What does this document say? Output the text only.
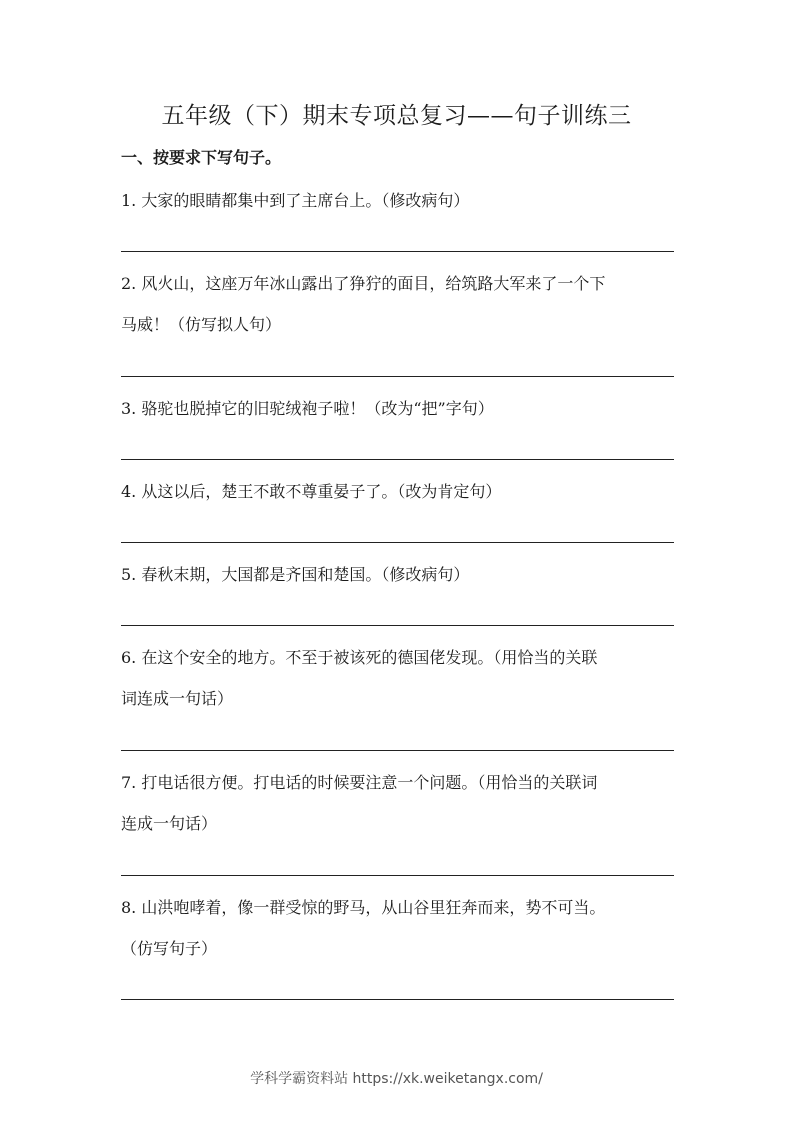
五年级（下）期末专项总复习——句子训练三
一、按要求下写句子。
1. 大家的眼睛都集中到了主席台上。（修改病句）
2. 风火山，这座万年冰山露出了狰狞的面目，给筑路大军来了一个下
马威！（仿写拟人句）
3. 骆驼也脱掉它的旧驼绒袍子啦！（改为“把”字句）
4. 从这以后，楚王不敢不尊重晏子了。（改为肯定句）
5. 春秋末期，大国都是齐国和楚国。（修改病句）
6. 在这个安全的地方。不至于被该死的德国佬发现。（用恰当的关联
词连成一句话）
7. 打电话很方便。打电话的时候要注意一个问题。（用恰当的关联词
连成一句话）
8. 山洪咆哮着，像一群受惊的野马，从山谷里狂奔而来，势不可当。
（仿写句子）
学科学霸资料站 https://xk.weiketangx.com/
